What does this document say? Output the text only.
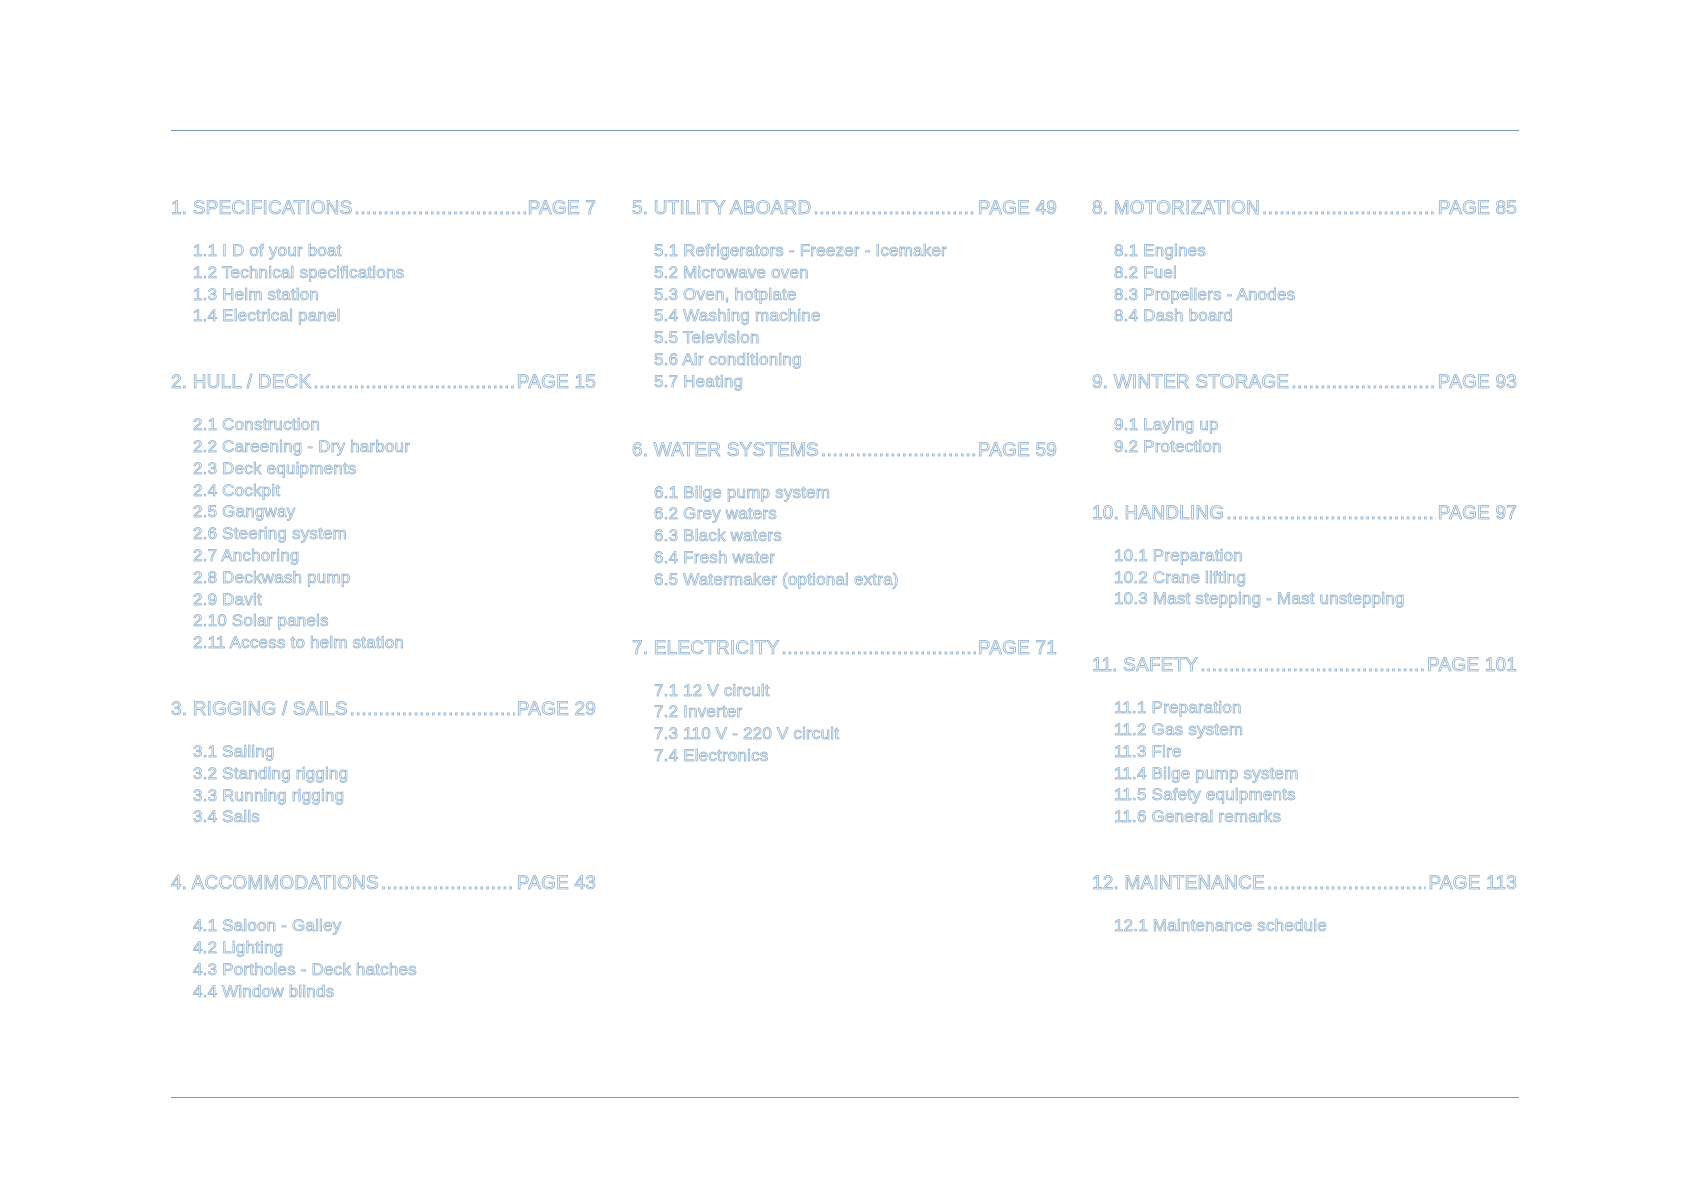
1. SPECIFICATIONS .....	PAGE 7
1.1 I D of your boat
1.2 Technical specifications
1.3 Helm station
1.4 Electrical panel
2. HULL / DECK .....	PAGE 15
2.1 Construction
2.2 Careening - Dry harbour
2.3 Deck equipments
2.4 Cockpit
2.5 Gangway
2.6 Steering system
2.7 Anchoring
2.8 Deckwash pump
2.9 Davit
2.10 Solar panels
2.11 Access to helm station
3. RIGGING / SAILS .....	PAGE 29
3.1 Sailing
3.2 Standing rigging
3.3 Running rigging
3.4 Sails
4. ACCOMMODATIONS .....	PAGE 43
4.1 Saloon - Galley
4.2 Lighting
4.3 Portholes - Deck hatches
4.4 Window blinds
5. UTILITY ABOARD .....	PAGE 49
5.1 Refrigerators - Freezer - Icemaker
5.2 Microwave oven
5.3 Oven, hotplate
5.4 Washing machine
5.5 Television
5.6 Air conditioning
5.7 Heating
6. WATER SYSTEMS .....	PAGE 59
6.1 Bilge pump system
6.2 Grey waters
6.3 Black waters
6.4 Fresh water
6.5 Watermaker (optional extra)
7. ELECTRICITY .....	PAGE 71
7.1 12 V circuit
7.2 Inverter
7.3 110 V - 220 V circuit
7.4 Electronics
8. MOTORIZATION .....	PAGE 85
8.1 Engines
8.2 Fuel
8.3 Propellers - Anodes
8.4 Dash board
9. WINTER STORAGE .....	PAGE 93
9.1 Laying up
9.2 Protection
10. HANDLING .....	PAGE 97
10.1 Preparation
10.2 Crane lifting
10.3 Mast stepping - Mast unstepping
11. SAFETY .....	PAGE 101
11.1 Preparation
11.2 Gas system
11.3 Fire
11.4 Bilge pump system
11.5 Safety equipments
11.6 General remarks
12. MAINTENANCE .....	PAGE 113
12.1 Maintenance schedule
